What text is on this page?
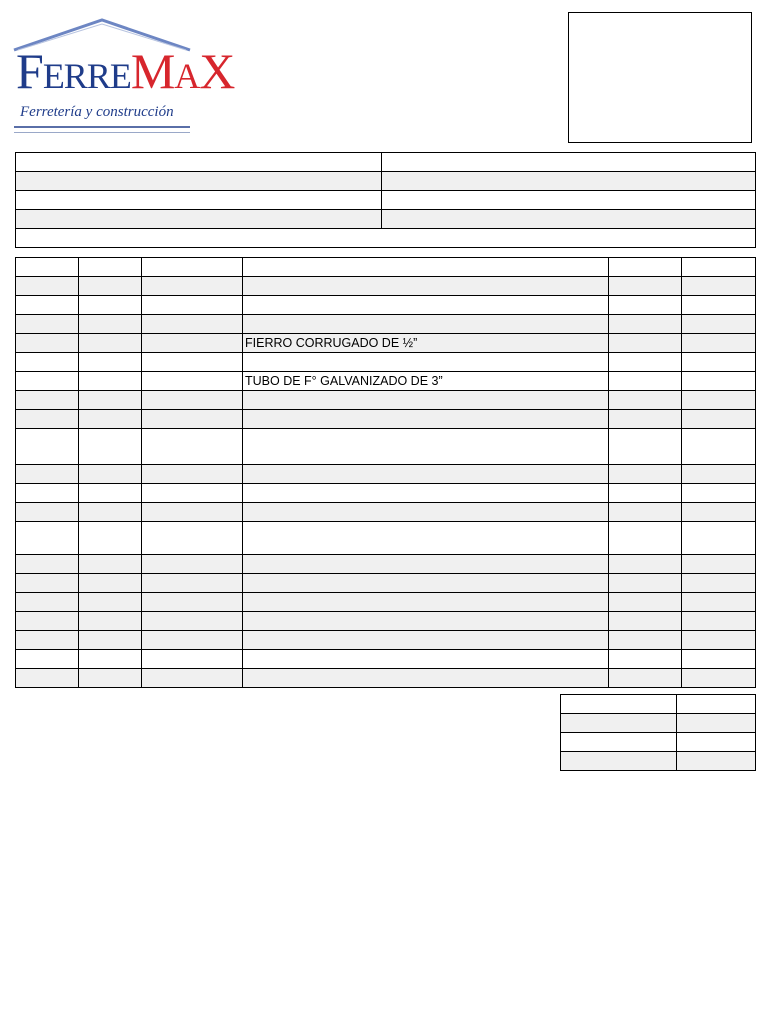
FERREMAX
Ferretería y construcción

			FIERRO CORRUGADO DE ½”		

			TUBO DE F° GALVANIZADO DE 3”		
